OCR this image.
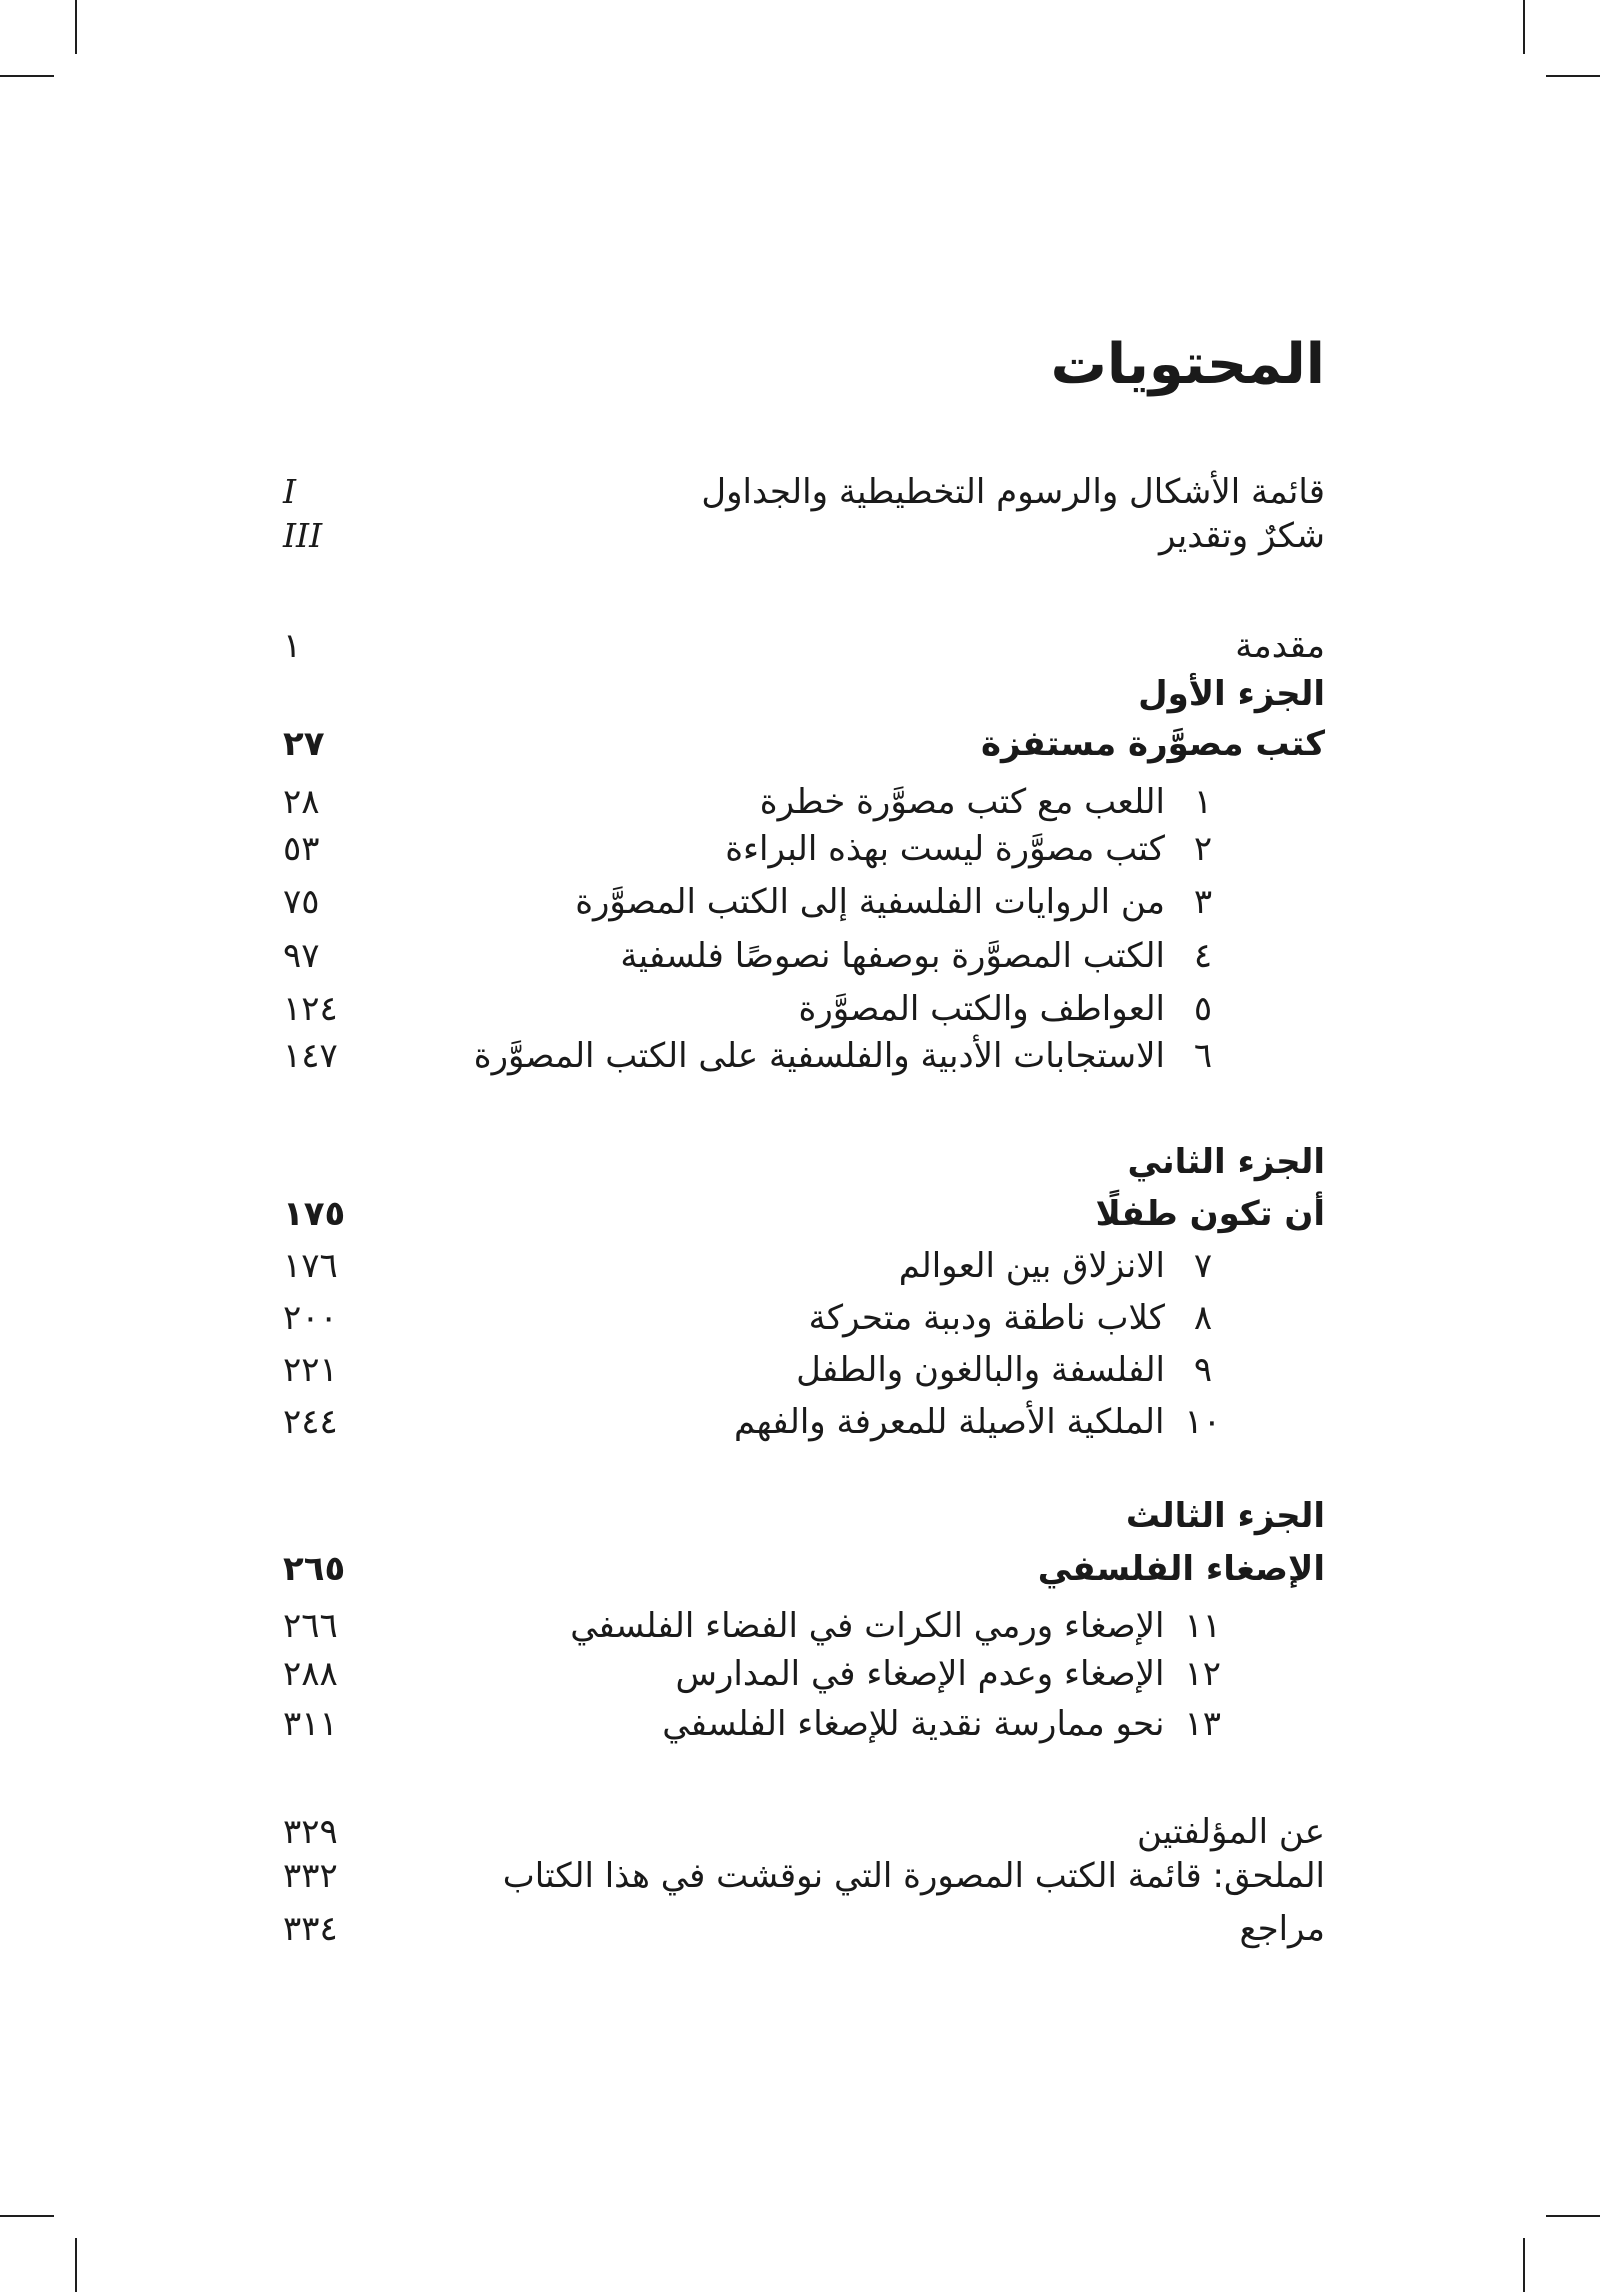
المحتويات
قائمة الأشكال والرسوم التخطيطية والجداول
I
شكرٌ وتقدير
III
مقدمة
١
الجزء الأول
كتب مصوَّرة مستفزة
٢٧
١اللعب مع كتب مصوَّرة خطرة
٢٨
٢كتب مصوَّرة ليست بهذه البراءة
٥٣
٣من الروايات الفلسفية إلى الكتب المصوَّرة
٧٥
٤الكتب المصوَّرة بوصفها نصوصًا فلسفية
٩٧
٥العواطف والكتب المصوَّرة
١٢٤
٦الاستجابات الأدبية والفلسفية على الكتب المصوَّرة
١٤٧
الجزء الثاني
أن تكون طفلًا
١٧٥
٧الانزلاق بين العوالم
١٧٦
٨كلاب ناطقة ودببة متحركة
٢٠٠
٩الفلسفة والبالغون والطفل
٢٢١
١٠الملكية الأصيلة للمعرفة والفهم
٢٤٤
الجزء الثالث
الإصغاء الفلسفي
٢٦٥
١١الإصغاء ورمي الكرات في الفضاء الفلسفي
٢٦٦
١٢الإصغاء وعدم الإصغاء في المدارس
٢٨٨
١٣نحو ممارسة نقدية للإصغاء الفلسفي
٣١١
عن المؤلفتين
٣٢٩
الملحق: قائمة الكتب المصورة التي نوقشت في هذا الكتاب
٣٣٢
مراجع
٣٣٤
